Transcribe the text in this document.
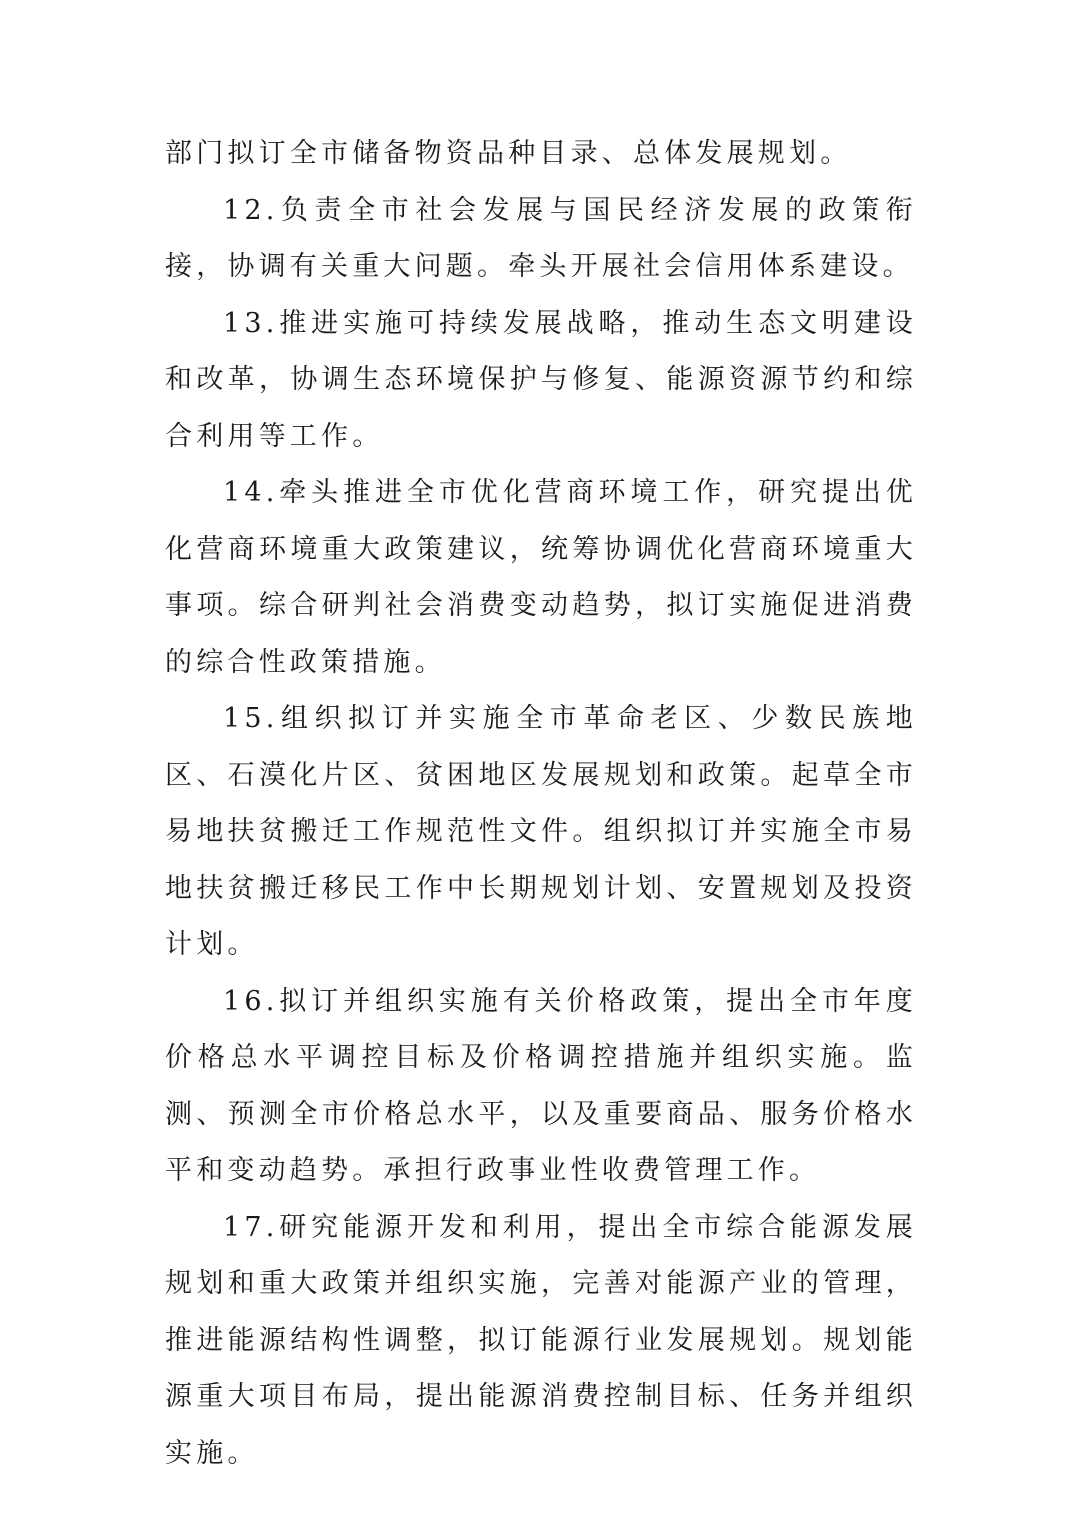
部门拟订全市储备物资品种目录、总体发展规划。

12.负责全市社会发展与国民经济发展的政策衔接，协调有关重大问题。牵头开展社会信用体系建设。

13.推进实施可持续发展战略，推动生态文明建设和改革，协调生态环境保护与修复、能源资源节约和综合利用等工作。

14.牵头推进全市优化营商环境工作，研究提出优化营商环境重大政策建议，统筹协调优化营商环境重大事项。综合研判社会消费变动趋势，拟订实施促进消费的综合性政策措施。

15.组织拟订并实施全市革命老区、少数民族地区、石漠化片区、贫困地区发展规划和政策。起草全市易地扶贫搬迁工作规范性文件。组织拟订并实施全市易地扶贫搬迁移民工作中长期规划计划、安置规划及投资计划。

16.拟订并组织实施有关价格政策，提出全市年度价格总水平调控目标及价格调控措施并组织实施。监测、预测全市价格总水平，以及重要商品、服务价格水平和变动趋势。承担行政事业性收费管理工作。

17.研究能源开发和利用，提出全市综合能源发展规划和重大政策并组织实施，完善对能源产业的管理，推进能源结构性调整，拟订能源行业发展规划。规划能源重大项目布局，提出能源消费控制目标、任务并组织实施。
